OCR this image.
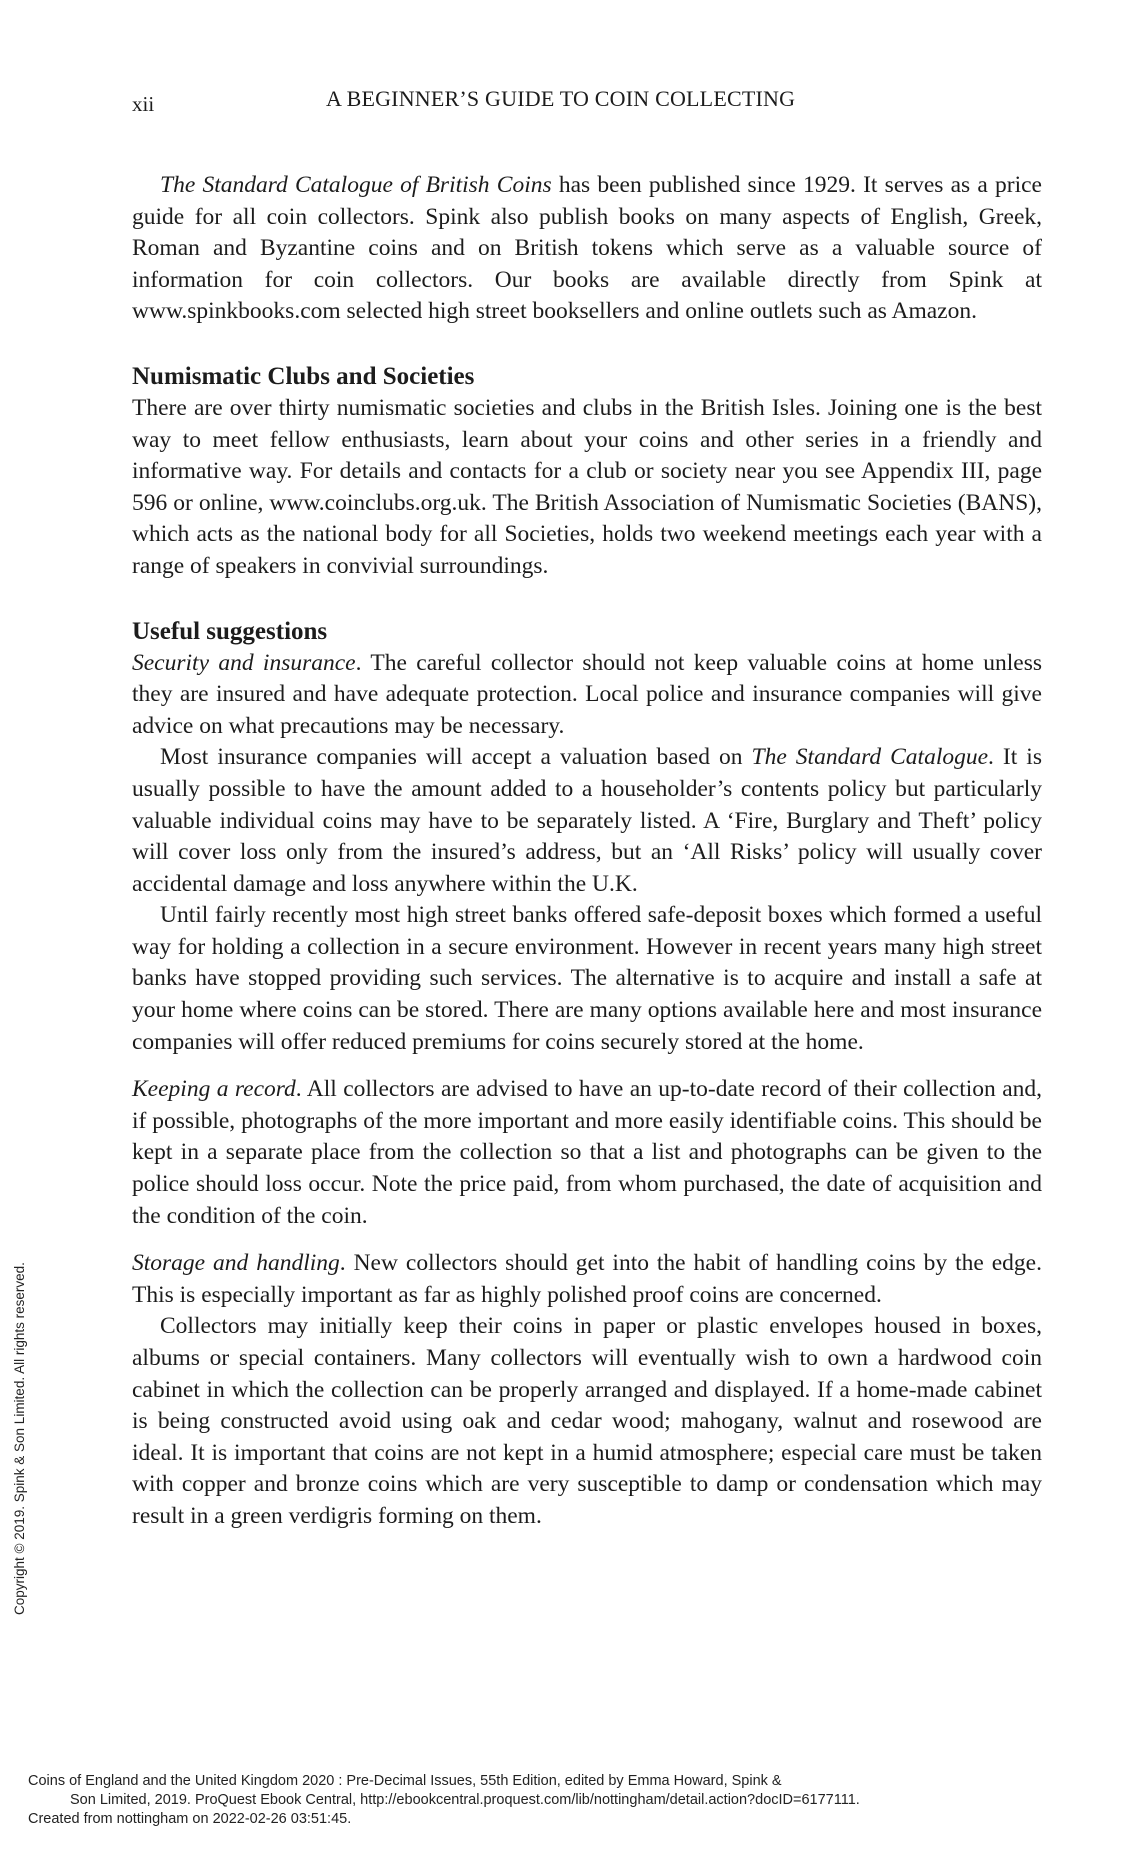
xii	A BEGINNER’S GUIDE TO COIN COLLECTING

The Standard Catalogue of British Coins has been published since 1929. It serves as a price guide for all coin collectors. Spink also publish books on many aspects of English, Greek, Roman and Byzantine coins and on British tokens which serve as a valuable source of information for coin collectors. Our books are available directly from Spink at www.spinkbooks.com selected high street booksellers and online outlets such as Amazon.

Numismatic Clubs and Societies

There are over thirty numismatic societies and clubs in the British Isles. Joining one is the best way to meet fellow enthusiasts, learn about your coins and other series in a friendly and informative way. For details and contacts for a club or society near you see Appendix III, page 596 or online, www.coinclubs.org.uk. The British Association of Numismatic Societies (BANS), which acts as the national body for all Societies, holds two weekend meetings each year with a range of speakers in convivial surroundings.

Useful suggestions

Security and insurance. The careful collector should not keep valuable coins at home unless they are insured and have adequate protection. Local police and insurance companies will give advice on what precautions may be necessary.

Most insurance companies will accept a valuation based on The Standard Catalogue. It is usually possible to have the amount added to a householder’s contents policy but particularly valuable individual coins may have to be separately listed. A ‘Fire, Burglary and Theft’ policy will cover loss only from the insured’s address, but an ‘All Risks’ policy will usually cover accidental damage and loss anywhere within the U.K.

Until fairly recently most high street banks offered safe-deposit boxes which formed a useful way for holding a collection in a secure environment. However in recent years many high street banks have stopped providing such services. The alternative is to acquire and install a safe at your home where coins can be stored. There are many options available here and most insurance companies will offer reduced premiums for coins securely stored at the home.

Keeping a record. All collectors are advised to have an up-to-date record of their collection and, if possible, photographs of the more important and more easily identifiable coins. This should be kept in a separate place from the collection so that a list and photographs can be given to the police should loss occur. Note the price paid, from whom purchased, the date of acquisition and the condition of the coin.

Storage and handling. New collectors should get into the habit of handling coins by the edge. This is especially important as far as highly polished proof coins are concerned.

Collectors may initially keep their coins in paper or plastic envelopes housed in boxes, albums or special containers. Many collectors will eventually wish to own a hardwood coin cabinet in which the collection can be properly arranged and displayed. If a home-made cabinet is being constructed avoid using oak and cedar wood; mahogany, walnut and rosewood are ideal. It is important that coins are not kept in a humid atmosphere; especial care must be taken with copper and bronze coins which are very susceptible to damp or condensation which may result in a green verdigris forming on them.

Copyright © 2019. Spink & Son Limited. All rights reserved.
Coins of England and the United Kingdom 2020 : Pre-Decimal Issues, 55th Edition, edited by Emma Howard, Spink &
Son Limited, 2019. ProQuest Ebook Central, http://ebookcentral.proquest.com/lib/nottingham/detail.action?docID=6177111.
Created from nottingham on 2022-02-26 03:51:45.
